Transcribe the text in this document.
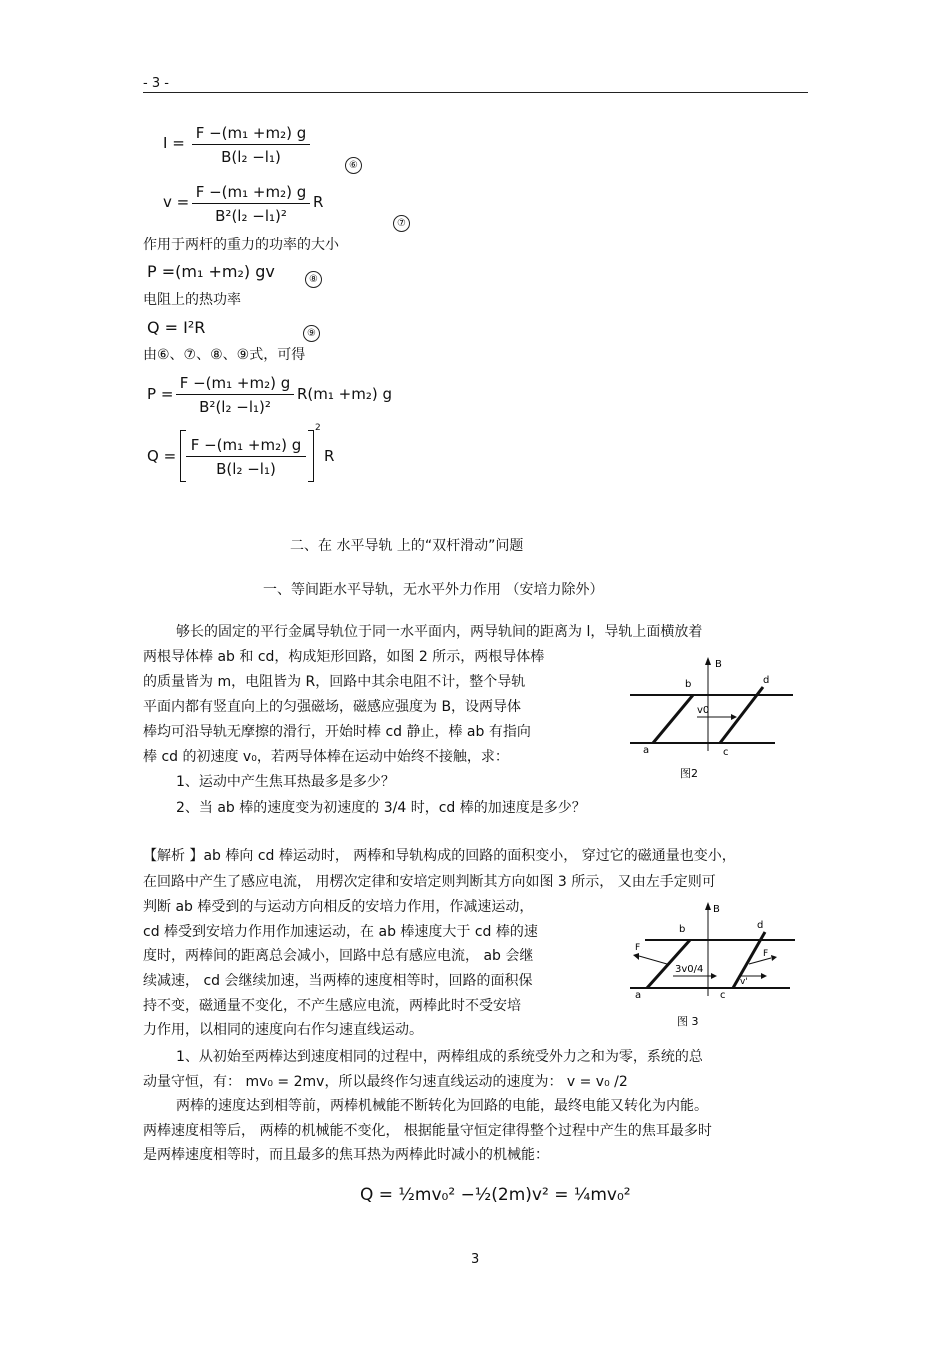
- 3 -
$I = \frac{\text{F −(m₁ +m₂) g}}{\text{B(l₂ −l₁)}}$	⑥
$v = \frac{\text{F −(m₁ +m₂) g}}{\text{B²(l₂ −l₁)²}}$ R
⑦
作用于两杆的重力的功率的大小
P =(m₁ +m₂) gv	⑧
电阻上的热功率
Q = I²R	⑨
由⑥、⑦、⑧、⑨式，可得
$P = \frac{\text{F −(m₁ +m₂) g}}{\text{B²(l₂ −l₁)²}} R(m_1 +m_2)$ g
$Q = \frac{\text{F −(m₁ +m₂) g}}{\text{B(l₂ −l₁)}}$
2
R
二、在 水平导轨 上的“双杆滑动”问题
一、等间距水平导轨，无水平外力作用 （安培力除外）
够长的固定的平行金属导轨位于同一水平面内，两导轨间的距离为 l，导轨上面横放着
两根导体棒 ab 和 cd，构成矩形回路，如图 2 所示，两根导体棒
的质量皆为 m，电阻皆为 R，回路中其余电阻不计，整个导轨
平面内都有竖直向上的匀强磁场，磁感应强度为 B，设两导体
棒均可沿导轨无摩擦的滑行，开始时棒 cd 静止，棒 ab 有指向
棒 cd 的初速度 v₀，若两导体棒在运动中始终不接触，求：
1、运动中产生焦耳热最多是多少？
2、当 ab 棒的速度变为初速度的 3/4 时，cd 棒的加速度是多少？
B
b	d
v0
a	c
图2
【解析 】ab 棒向 cd 棒运动时， 两棒和导轨构成的回路的面积变小， 穿过它的磁通量也变小，
在回路中产生了感应电流， 用楞次定律和安培定则判断其方向如图 3 所示， 又由左手定则可
判断 ab 棒受到的与运动方向相反的安培力作用，作减速运动，
cd 棒受到安培力作用作加速运动，在 ab 棒速度大于 cd 棒的速
度时，两棒间的距离总会减小，回路中总有感应电流， ab 会继
续减速， cd 会继续加速，当两棒的速度相等时，回路的面积保
持不变，磁通量不变化，不产生感应电流，两棒此时不受安培
力作用，以相同的速度向右作匀速直线运动。
B
b	d
F
F
3v0/4
v'
a	c
图 3
1、从初始至两棒达到速度相同的过程中，两棒组成的系统受外力之和为零，系统的总
动量守恒，有： mv₀ = 2mv，所以最终作匀速直线运动的速度为： v = v₀ /2
两棒的速度达到相等前，两棒机械能不断转化为回路的电能，最终电能又转化为内能。
两棒速度相等后， 两棒的机械能不变化， 根据能量守恒定律得整个过程中产生的焦耳最多时
是两棒速度相等时，而且最多的焦耳热为两棒此时减小的机械能：
Q = ½mv₀² −½(2m)v² = ¼mv₀²
3
